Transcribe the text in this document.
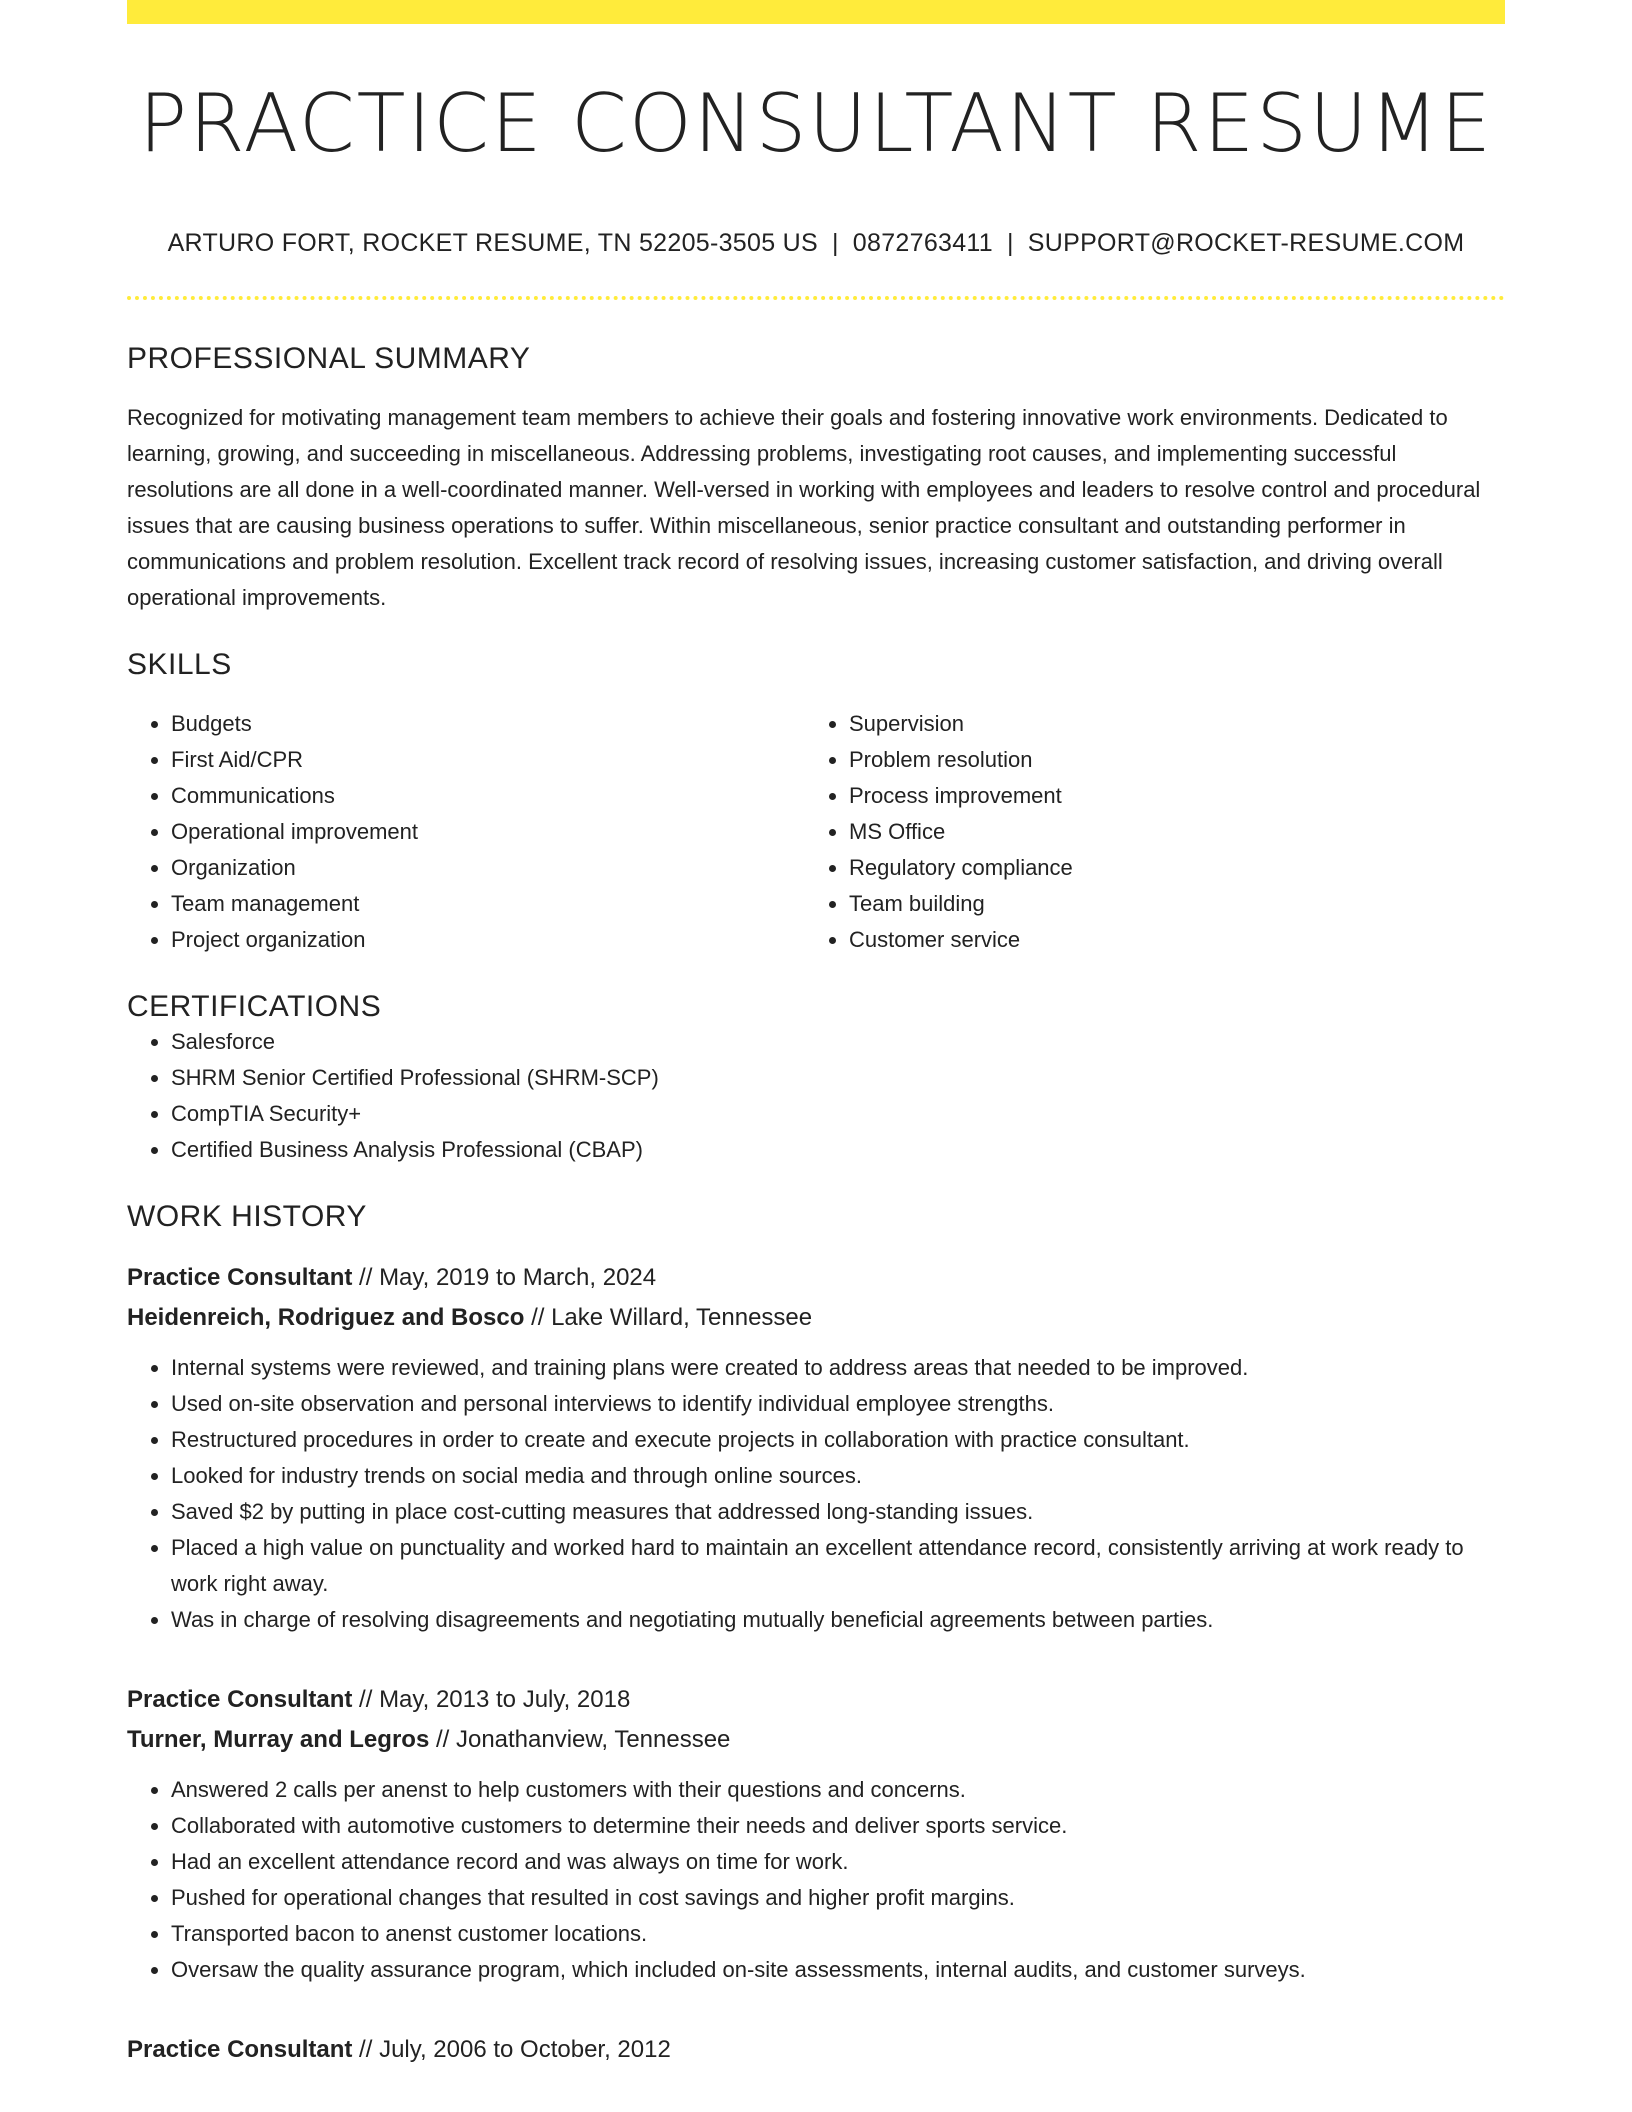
PRACTICE CONSULTANT RESUME
ARTURO FORT, ROCKET RESUME, TN 52205-3505 US | 0872763411 | SUPPORT@ROCKET-RESUME.COM
PROFESSIONAL SUMMARY
Recognized for motivating management team members to achieve their goals and fostering innovative work environments. Dedicated to learning, growing, and succeeding in miscellaneous. Addressing problems, investigating root causes, and implementing successful resolutions are all done in a well-coordinated manner. Well-versed in working with employees and leaders to resolve control and procedural issues that are causing business operations to suffer. Within miscellaneous, senior practice consultant and outstanding performer in communications and problem resolution. Excellent track record of resolving issues, increasing customer satisfaction, and driving overall operational improvements.
SKILLS
• Budgets
• First Aid/CPR
• Communications
• Operational improvement
• Organization
• Team management
• Project organization
• Supervision
• Problem resolution
• Process improvement
• MS Office
• Regulatory compliance
• Team building
• Customer service
CERTIFICATIONS
• Salesforce
• SHRM Senior Certified Professional (SHRM-SCP)
• CompTIA Security+
• Certified Business Analysis Professional (CBAP)
WORK HISTORY
Practice Consultant // May, 2019 to March, 2024
Heidenreich, Rodriguez and Bosco // Lake Willard, Tennessee
• Internal systems were reviewed, and training plans were created to address areas that needed to be improved.
• Used on-site observation and personal interviews to identify individual employee strengths.
• Restructured procedures in order to create and execute projects in collaboration with practice consultant.
• Looked for industry trends on social media and through online sources.
• Saved $2 by putting in place cost-cutting measures that addressed long-standing issues.
• Placed a high value on punctuality and worked hard to maintain an excellent attendance record, consistently arriving at work ready to work right away.
• Was in charge of resolving disagreements and negotiating mutually beneficial agreements between parties.
Practice Consultant // May, 2013 to July, 2018
Turner, Murray and Legros // Jonathanview, Tennessee
• Answered 2 calls per anenst to help customers with their questions and concerns.
• Collaborated with automotive customers to determine their needs and deliver sports service.
• Had an excellent attendance record and was always on time for work.
• Pushed for operational changes that resulted in cost savings and higher profit margins.
• Transported bacon to anenst customer locations.
• Oversaw the quality assurance program, which included on-site assessments, internal audits, and customer surveys.
Practice Consultant // July, 2006 to October, 2012
